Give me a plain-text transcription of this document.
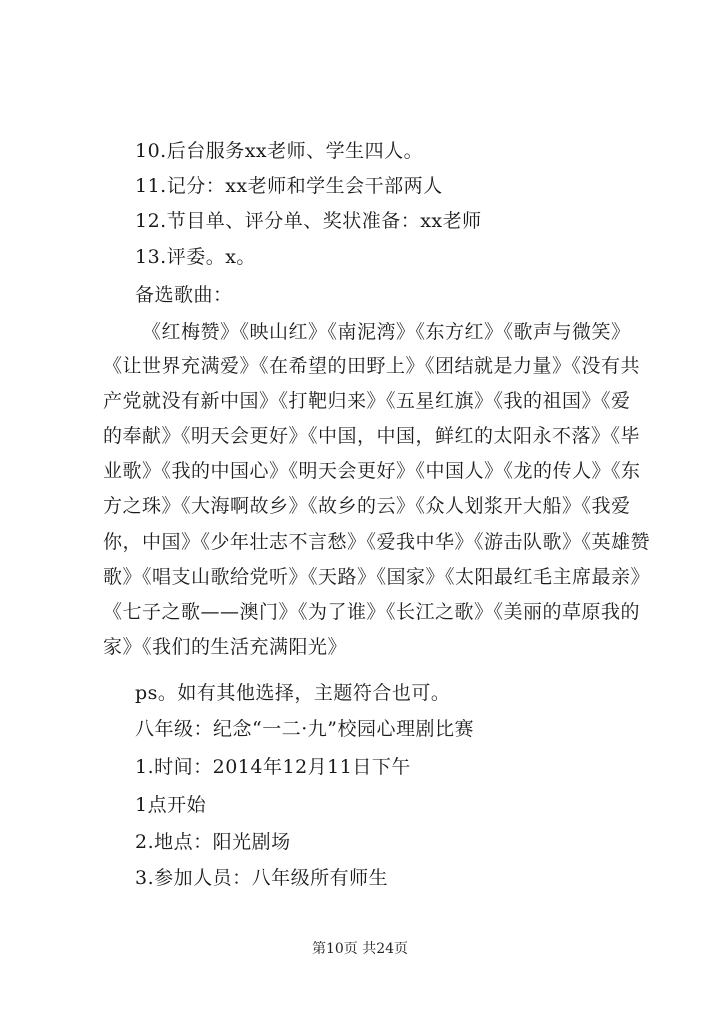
10.后台服务xx老师、学生四人。
11.记分：xx老师和学生会干部两人
12.节目单、评分单、奖状准备：xx老师
13.评委。x。
备选歌曲：
《红梅赞》《映山红》《南泥湾》《东方红》《歌声与微笑》
《让世界充满爱》《在希望的田野上》《团结就是力量》《没有共
产党就没有新中国》《打靶归来》《五星红旗》《我的祖国》《爱
的奉献》《明天会更好》《中国，中国，鲜红的太阳永不落》《毕
业歌》《我的中国心》《明天会更好》《中国人》《龙的传人》《东
方之珠》《大海啊故乡》《故乡的云》《众人划浆开大船》《我爱
你，中国》《少年壮志不言愁》《爱我中华》《游击队歌》《英雄赞
歌》《唱支山歌给党听》《天路》《国家》《太阳最红毛主席最亲》
《七子之歌——澳门》《为了谁》《长江之歌》《美丽的草原我的
家》《我们的生活充满阳光》
ps。如有其他选择，主题符合也可。
八年级：纪念“一二·九”校园心理剧比赛
1.时间：2014年12月11日下午
1点开始
2.地点：阳光剧场
3.参加人员：八年级所有师生
第10页 共24页
